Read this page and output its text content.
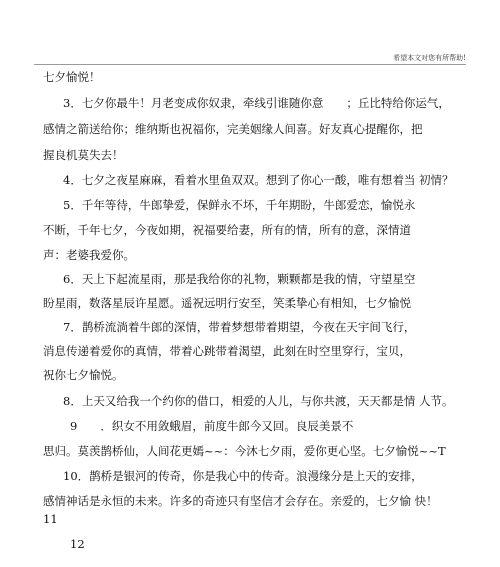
希望本文对您有所帮助!
七夕愉悦！
3．七夕你最牛！月老变成你奴隶，牵线引谁随你意　　；丘比特给你运气，
感情之箭送给你；维纳斯也祝福你，完美姻缘人间喜。好友真心提醒你，把
握良机莫失去！
4．七夕之夜星麻麻，看着水里鱼双双。想到了你心一酸，唯有想着当 初情？
5．千年等待，牛郎挚爱，保鲜永不坏，千年期盼，牛郎爱恋，愉悦永
不断，千年七夕，今夜如期，祝福要给妻，所有的情，所有的意，深情道
声：老婆我爱你。
6．天上下起流星雨，那是我给你的礼物，颗颗都是我的情，守望星空
盼星雨，数落星辰许星愿。遥祝远明行安至，笑柔挚心有相知，七夕愉悦
7．鹊桥流淌着牛郎的深情，带着梦想带着期望，今夜在天宇间飞行，
消息传递着爱你的真情，带着心跳带着渴望，此刻在时空里穿行，宝贝，
祝你七夕愉悦。
8．上天又给我一个约你的借口，相爱的人儿，与你共渡，天天都是情 人节。
9　　．织女不用敛蛾眉，前度牛郎今又回。良辰美景不
思归。莫羡鹊桥仙，人间花更嫣~~：今沐七夕雨，爱你更心坚。七夕愉悦~~T
10．鹊桥是银河的传奇，你是我心中的传奇。浪漫缘分是上天的安排，
感情神话是永恒的未来。许多的奇迹只有坚信才会存在。亲爱的，七夕愉 快！
11
12
